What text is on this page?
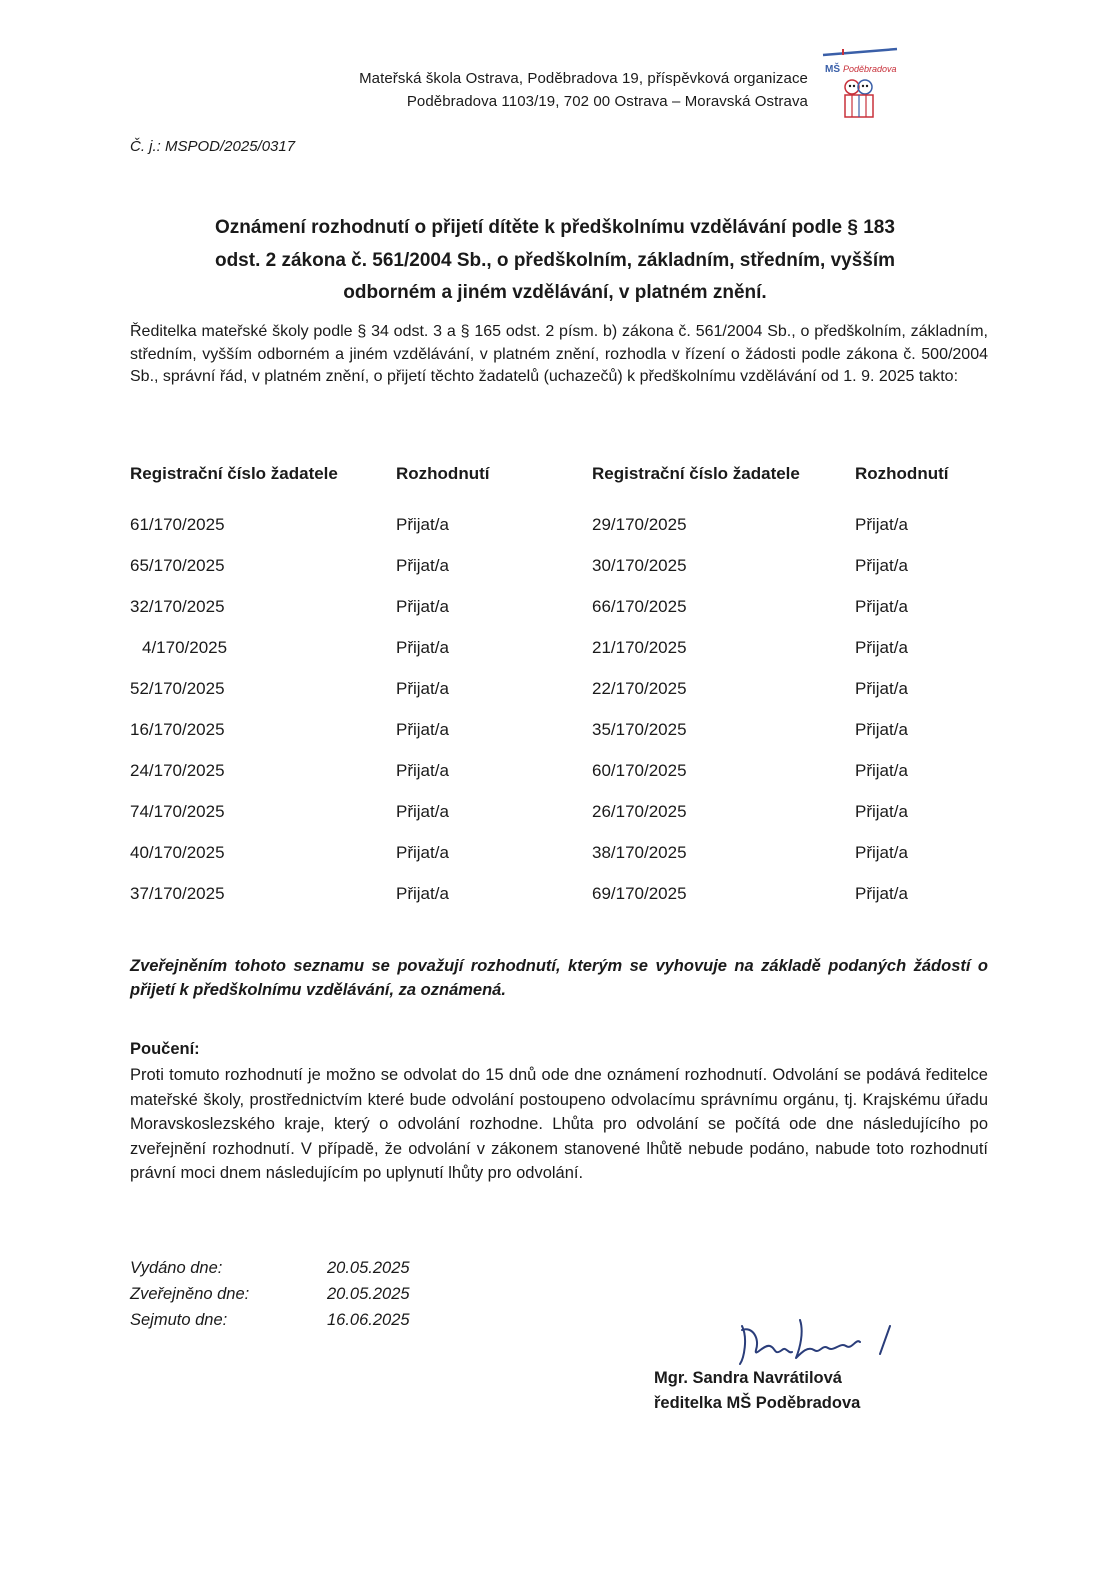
Mateřská škola Ostrava, Poděbradova 19, příspěvková organizace
Poděbradova 1103/19, 702 00 Ostrava – Moravská Ostrava
MŠ Poděbradova
Č. j.: MSPOD/2025/0317
Oznámení rozhodnutí o přijetí dítěte k předškolnímu vzdělávání podle § 183
odst. 2 zákona č. 561/2004 Sb., o předškolním, základním, středním, vyšším
odborném a jiném vzdělávání, v platném znění.
Ředitelka mateřské školy podle § 34 odst. 3 a § 165 odst. 2 písm. b) zákona č. 561/2004 Sb., o předškolním, základním, středním, vyšším odborném a jiném vzdělávání, v platném znění, rozhodla v řízení o žádosti podle zákona č. 500/2004 Sb., správní řád, v platném znění, o přijetí těchto žadatelů (uchazečů) k předškolnímu vzdělávání od 1. 9. 2025 takto:
Registrační číslo žadatele	Rozhodnutí	Registrační číslo žadatele	Rozhodnutí
61/170/2025	Přijat/a	29/170/2025	Přijat/a
65/170/2025	Přijat/a	30/170/2025	Přijat/a
32/170/2025	Přijat/a	66/170/2025	Přijat/a
4/170/2025	Přijat/a	21/170/2025	Přijat/a
52/170/2025	Přijat/a	22/170/2025	Přijat/a
16/170/2025	Přijat/a	35/170/2025	Přijat/a
24/170/2025	Přijat/a	60/170/2025	Přijat/a
74/170/2025	Přijat/a	26/170/2025	Přijat/a
40/170/2025	Přijat/a	38/170/2025	Přijat/a
37/170/2025	Přijat/a	69/170/2025	Přijat/a
Zveřejněním tohoto seznamu se považují rozhodnutí, kterým se vyhovuje na základě podaných žádostí o přijetí k předškolnímu vzdělávání, za oznámená.
Poučení:
Proti tomuto rozhodnutí je možno se odvolat do 15 dnů ode dne oznámení rozhodnutí. Odvolání se podává ředitelce mateřské školy, prostřednictvím které bude odvolání postoupeno odvolacímu správnímu orgánu, tj. Krajskému úřadu Moravskoslezského kraje, který o odvolání rozhodne. Lhůta pro odvolání se počítá ode dne následujícího po zveřejnění rozhodnutí. V případě, že odvolání v zákonem stanovené lhůtě nebude podáno, nabude toto rozhodnutí právní moci dnem následujícím po uplynutí lhůty pro odvolání.
Vydáno dne:	20.05.2025
Zveřejněno dne:	20.05.2025
Sejmuto dne:	16.06.2025
Mgr. Sandra Navrátilová
ředitelka MŠ Poděbradova
